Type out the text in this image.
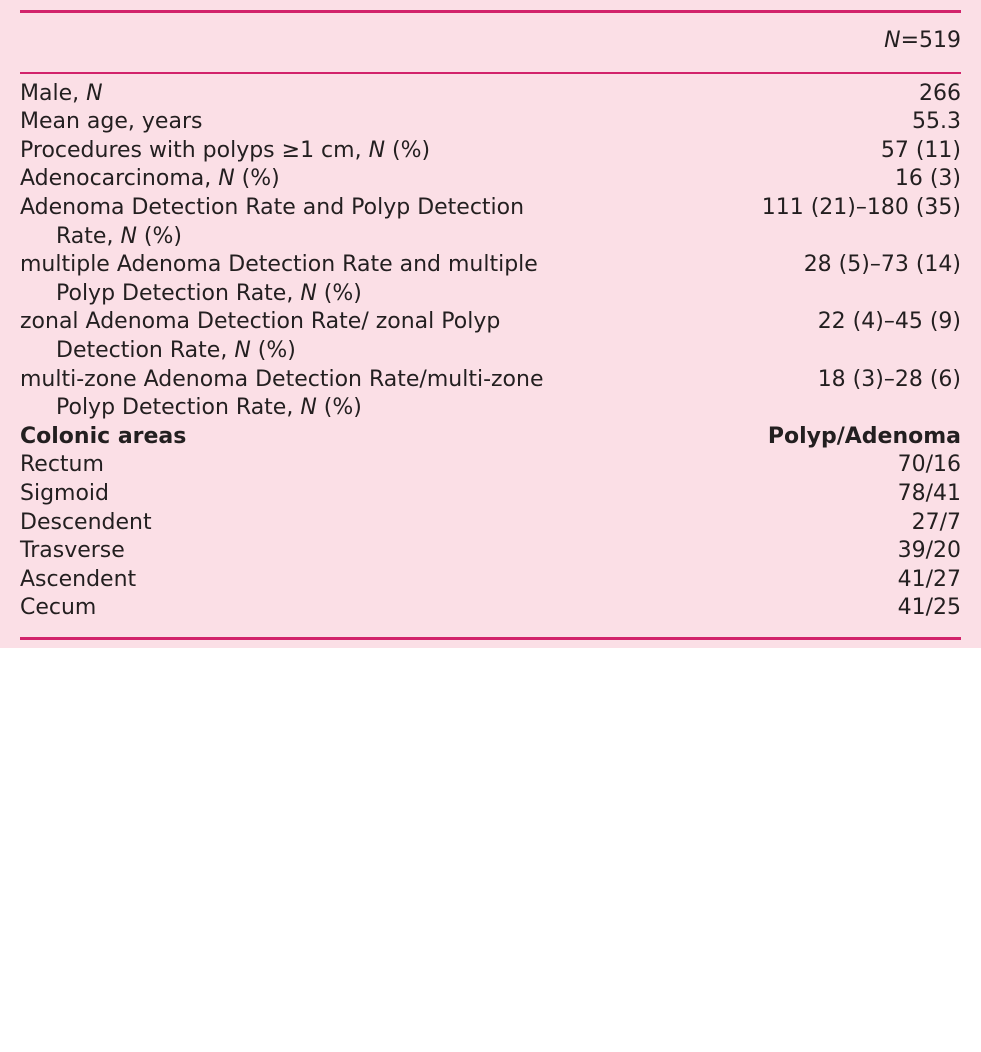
	N=519

Male, N	266

Mean age, years	55.3

Procedures with polyps ≥1 cm, N (%)	57 (11)

Adenocarcinoma, N (%)	16 (3)

Adenoma Detection Rate and Polyp Detection
Rate, N (%)	111 (21)–180 (35)

multiple Adenoma Detection Rate and multiple
Polyp Detection Rate, N (%)	28 (5)–73 (14)

zonal Adenoma Detection Rate/ zonal Polyp
Detection Rate, N (%)	22 (4)–45 (9)

multi-zone Adenoma Detection Rate/multi-zone
Polyp Detection Rate, N (%)	18 (3)–28 (6)
Colonic areas	Polyp/Adenoma
Rectum	70/16
Sigmoid	78/41
Descendent	27/7
Trasverse	39/20
Ascendent	41/27
Cecum	41/25
